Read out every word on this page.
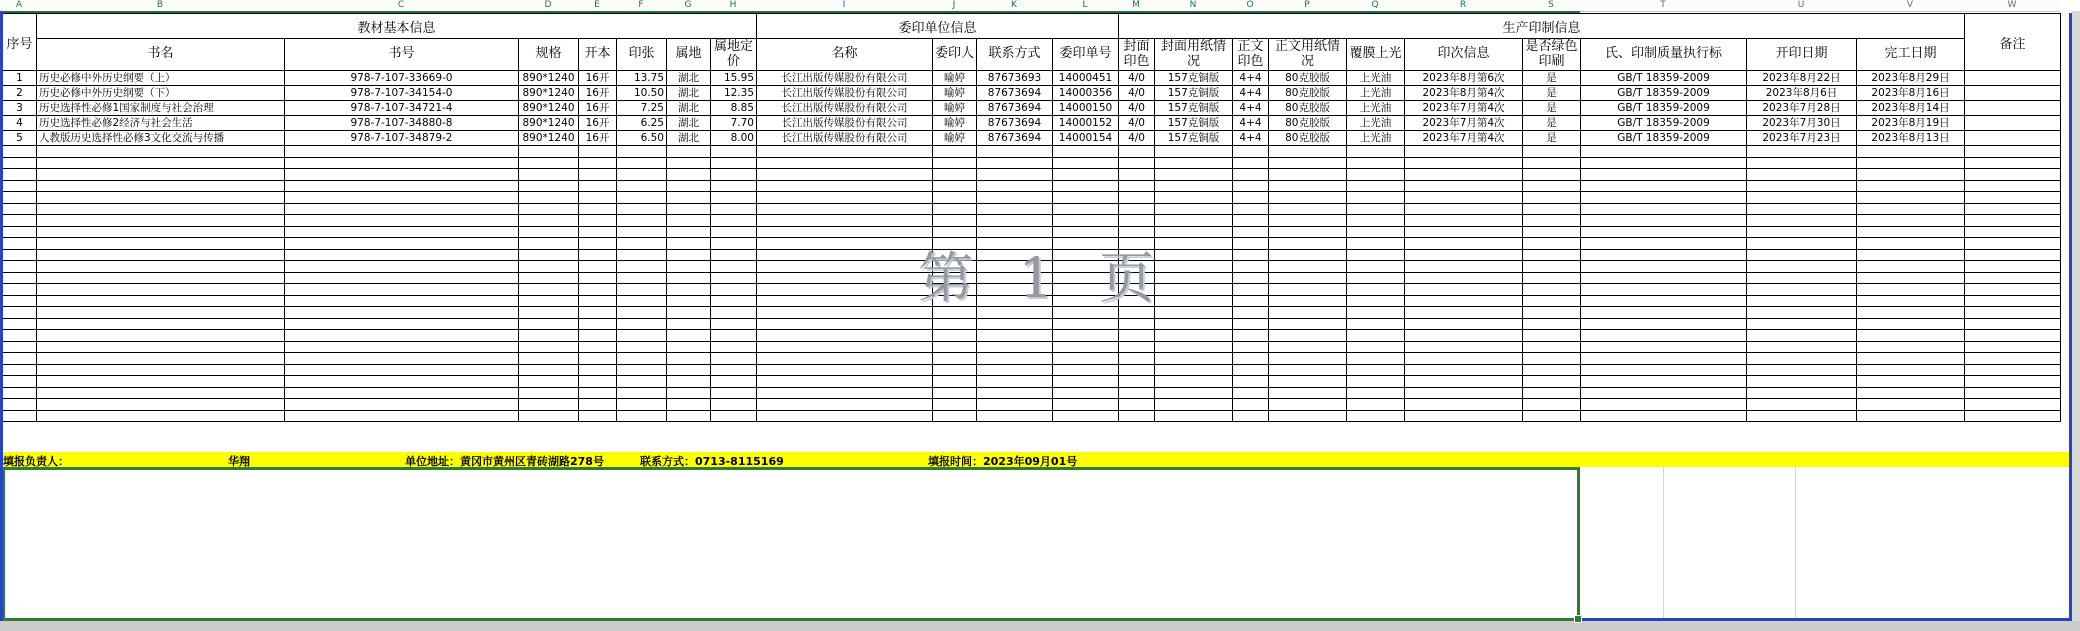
A	B	C	D	E	F	G	H	I	J	K	L	M	N	O	P	Q	R	S	T	U	V	W
序号	教材基本信息							委印单位信息				生产印制信息										备注
	书名	书号	规格	开本	印张	属地	属地定价	名称	委印人	联系方式	委印单号	封面印色	封面用纸情况	正文印色	正文用纸情况	覆膜上光	印次信息	是否绿色印刷	氏、印制质量执行标	开印日期	完工日期	
1	历史必修中外历史纲要（上）	978-7-107-33669-0	890*1240	16开	13.75	湖北	15.95	长江出版传媒股份有限公司	喻婷	87673693	14000451	4/0	157克铜版	4+4	80克胶版	上光油	2023年8月第6次	是	GB/T 18359-2009	2023年8月22日	2023年8月29日	
2	历史必修中外历史纲要（下）	978-7-107-34154-0	890*1240	16开	10.50	湖北	12.35	长江出版传媒股份有限公司	喻婷	87673694	14000356	4/0	157克铜版	4+4	80克胶版	上光油	2023年8月第4次	是	GB/T 18359-2009	2023年8月6日	2023年8月16日	
3	历史选择性必修1国家制度与社会治理	978-7-107-34721-4	890*1240	16开	7.25	湖北	8.85	长江出版传媒股份有限公司	喻婷	87673694	14000150	4/0	157克铜版	4+4	80克胶版	上光油	2023年7月第4次	是	GB/T 18359-2009	2023年7月28日	2023年8月14日	
4	历史选择性必修2经济与社会生活	978-7-107-34880-8	890*1240	16开	6.25	湖北	7.70	长江出版传媒股份有限公司	喻婷	87673694	14000152	4/0	157克铜版	4+4	80克胶版	上光油	2023年7月第4次	是	GB/T 18359-2009	2023年7月30日	2023年8月19日	
5	人教版历史选择性必修3文化交流与传播	978-7-107-34879-2	890*1240	16开	6.50	湖北	8.00	长江出版传媒股份有限公司	喻婷	87673694	14000154	4/0	157克铜版	4+4	80克胶版	上光油	2023年7月第4次	是	GB/T 18359-2009	2023年7月23日	2023年8月13日	

第 1 页
填报负责人：	华翔	单位地址：黄冈市黄州区青砖湖路278号	联系方式：0713-8115169	填报时间：2023年09月01号
